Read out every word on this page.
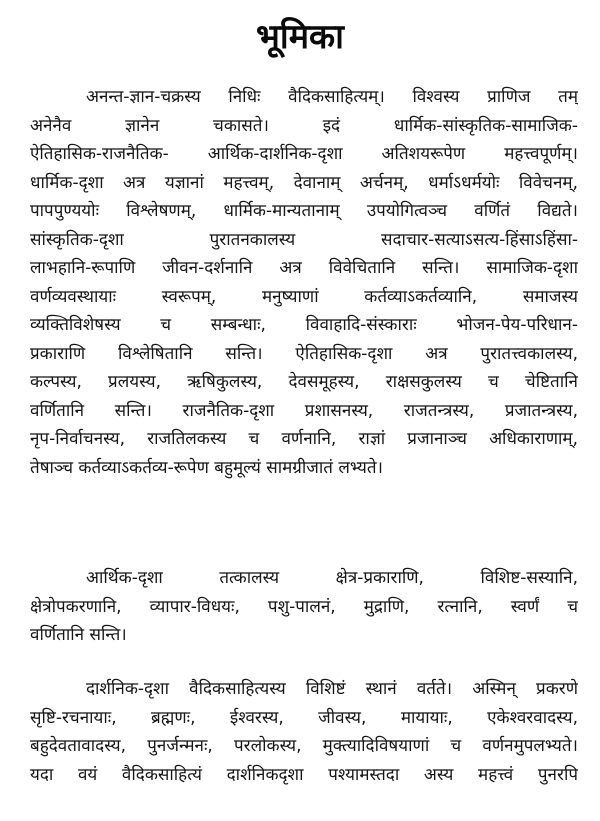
भूमिका
अनन्त-ज्ञान-चक्रस्य निधिः वैदिकसाहित्यम्। विश्वस्य प्राणिज तम्
अनेनैव ज्ञानेन चकासते। इदं धार्मिक-सांस्कृतिक-सामाजिक-
ऐतिहासिक-राजनैतिक- आर्थिक-दार्शनिक-दृशा अतिशयरूपेण महत्त्वपूर्णम्।
धार्मिक-दृशा अत्र यज्ञानां महत्त्वम्, देवानाम् अर्चनम्, धर्माऽधर्मयोः विवेचनम्,
पापपुण्ययोः विश्लेषणम्, धार्मिक-मान्यतानाम् उपयोगित्वञ्च वर्णितं विद्यते।
सांस्कृतिक-दृशा पुरातनकालस्य सदाचार-सत्याऽसत्य-हिंसाऽहिंसा-
लाभहानि-रूपाणि जीवन-दर्शनानि अत्र विवेचितानि सन्ति। सामाजिक-दृशा
वर्णव्यवस्थायाः स्वरूपम्, मनुष्याणां कर्तव्याऽकर्तव्यानि, समाजस्य
व्यक्तिविशेषस्य च सम्बन्धाः, विवाहादि-संस्काराः भोजन-पेय-परिधान-
प्रकाराणि विश्लेषितानि सन्ति। ऐतिहासिक-दृशा अत्र पुरातत्त्वकालस्य,
कल्पस्य, प्रलयस्य, ऋषिकुलस्य, देवसमूहस्य, राक्षसकुलस्य च चेष्टितानि
वर्णितानि सन्ति। राजनैतिक-दृशा प्रशासनस्य, राजतन्त्रस्य, प्रजातन्त्रस्य,
नृप-निर्वाचनस्य, राजतिलकस्य च वर्णनानि, राज्ञां प्रजानाञ्च अधिकाराणाम्,
तेषाञ्च कर्तव्याऽकर्तव्य-रूपेण बहुमूल्यं सामग्रीजातं लभ्यते।
आर्थिक-दृशा तत्कालस्य क्षेत्र-प्रकाराणि, विशिष्ट-सस्यानि,
क्षेत्रोपकरणानि, व्यापार-विधयः, पशु-पालनं, मुद्राणि, रत्नानि, स्वर्णं च
वर्णितानि सन्ति।
दार्शनिक-दृशा वैदिकसाहित्यस्य विशिष्टं स्थानं वर्तते। अस्मिन् प्रकरणे
सृष्टि-रचनायाः, ब्रह्मणः, ईश्वरस्य, जीवस्य, मायायाः, एकेश्वरवादस्य,
बहुदेवतावादस्य, पुनर्जन्मनः, परलोकस्य, मुक्त्यादिविषयाणां च वर्णनमुपलभ्यते।
यदा वयं वैदिकसाहित्यं दार्शनिकदृशा पश्यामस्तदा अस्य महत्त्वं पुनरपि
